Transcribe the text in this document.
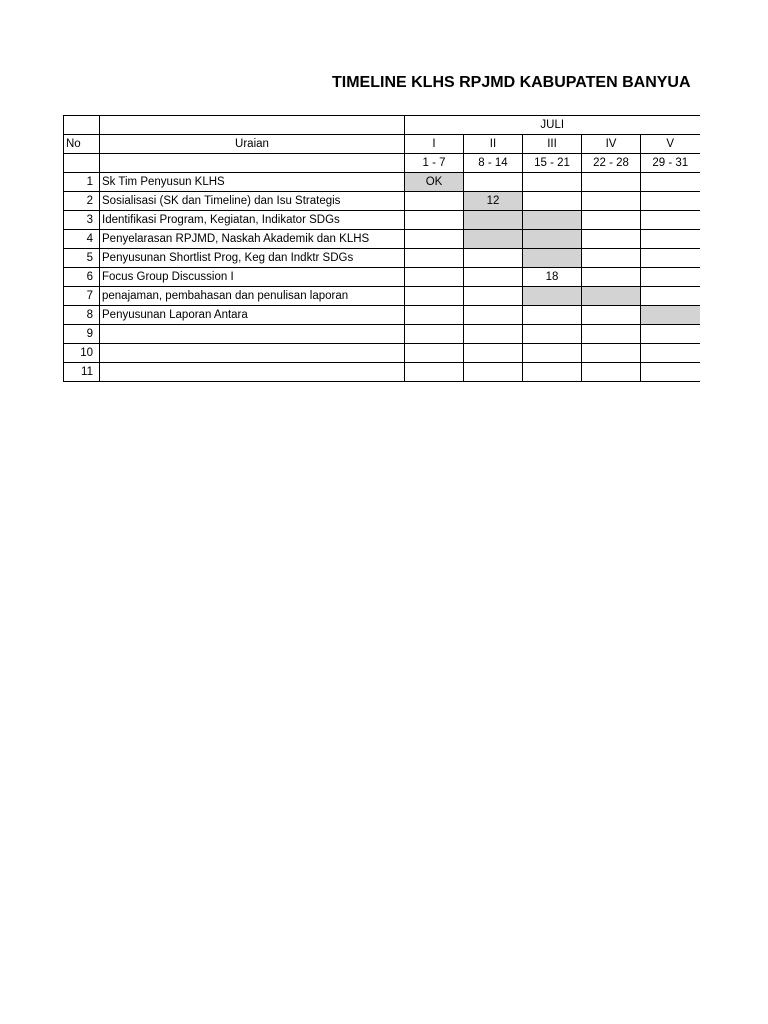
TIMELINE KLHS RPJMD KABUPATEN BANYUA
		JULI				
No	Uraian	I	II	III	IV	V
		1 - 7	8 - 14	15 - 21	22 - 28	29 - 31
1	Sk Tim Penyusun KLHS	OK				
2	Sosialisasi (SK dan Timeline) dan Isu Strategis		12			
3	Identifikasi Program, Kegiatan, Indikator SDGs					
4	Penyelarasan RPJMD, Naskah Akademik dan KLHS					
5	Penyusunan Shortlist Prog, Keg dan Indktr SDGs					
6	Focus Group Discussion I			18		
7	penajaman, pembahasan dan penulisan laporan					
8	Penyusunan Laporan Antara					
9						
10						
11						
